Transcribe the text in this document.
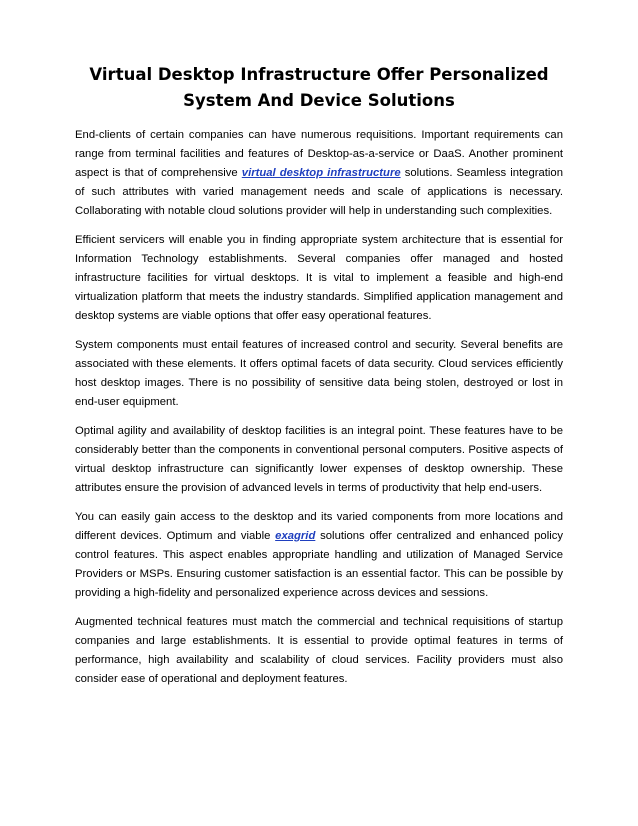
Virtual Desktop Infrastructure Offer Personalized System And Device Solutions

End-clients of certain companies can have numerous requisitions. Important requirements can range from terminal facilities and features of Desktop-as-a-service or DaaS. Another prominent aspect is that of comprehensive virtual desktop infrastructure solutions. Seamless integration of such attributes with varied management needs and scale of applications is necessary. Collaborating with notable cloud solutions provider will help in understanding such complexities.

Efficient servicers will enable you in finding appropriate system architecture that is essential for Information Technology establishments. Several companies offer managed and hosted infrastructure facilities for virtual desktops. It is vital to implement a feasible and high-end virtualization platform that meets the industry standards. Simplified application management and desktop systems are viable options that offer easy operational features.

System components must entail features of increased control and security. Several benefits are associated with these elements. It offers optimal facets of data security. Cloud services efficiently host desktop images. There is no possibility of sensitive data being stolen, destroyed or lost in end-user equipment.

Optimal agility and availability of desktop facilities is an integral point. These features have to be considerably better than the components in conventional personal computers. Positive aspects of virtual desktop infrastructure can significantly lower expenses of desktop ownership. These attributes ensure the provision of advanced levels in terms of productivity that help end-users.

You can easily gain access to the desktop and its varied components from more locations and different devices. Optimum and viable exagrid solutions offer centralized and enhanced policy control features. This aspect enables appropriate handling and utilization of Managed Service Providers or MSPs. Ensuring customer satisfaction is an essential factor. This can be possible by providing a high-fidelity and personalized experience across devices and sessions.

Augmented technical features must match the commercial and technical requisitions of startup companies and large establishments. It is essential to provide optimal features in terms of performance, high availability and scalability of cloud services. Facility providers must also consider ease of operational and deployment features.
